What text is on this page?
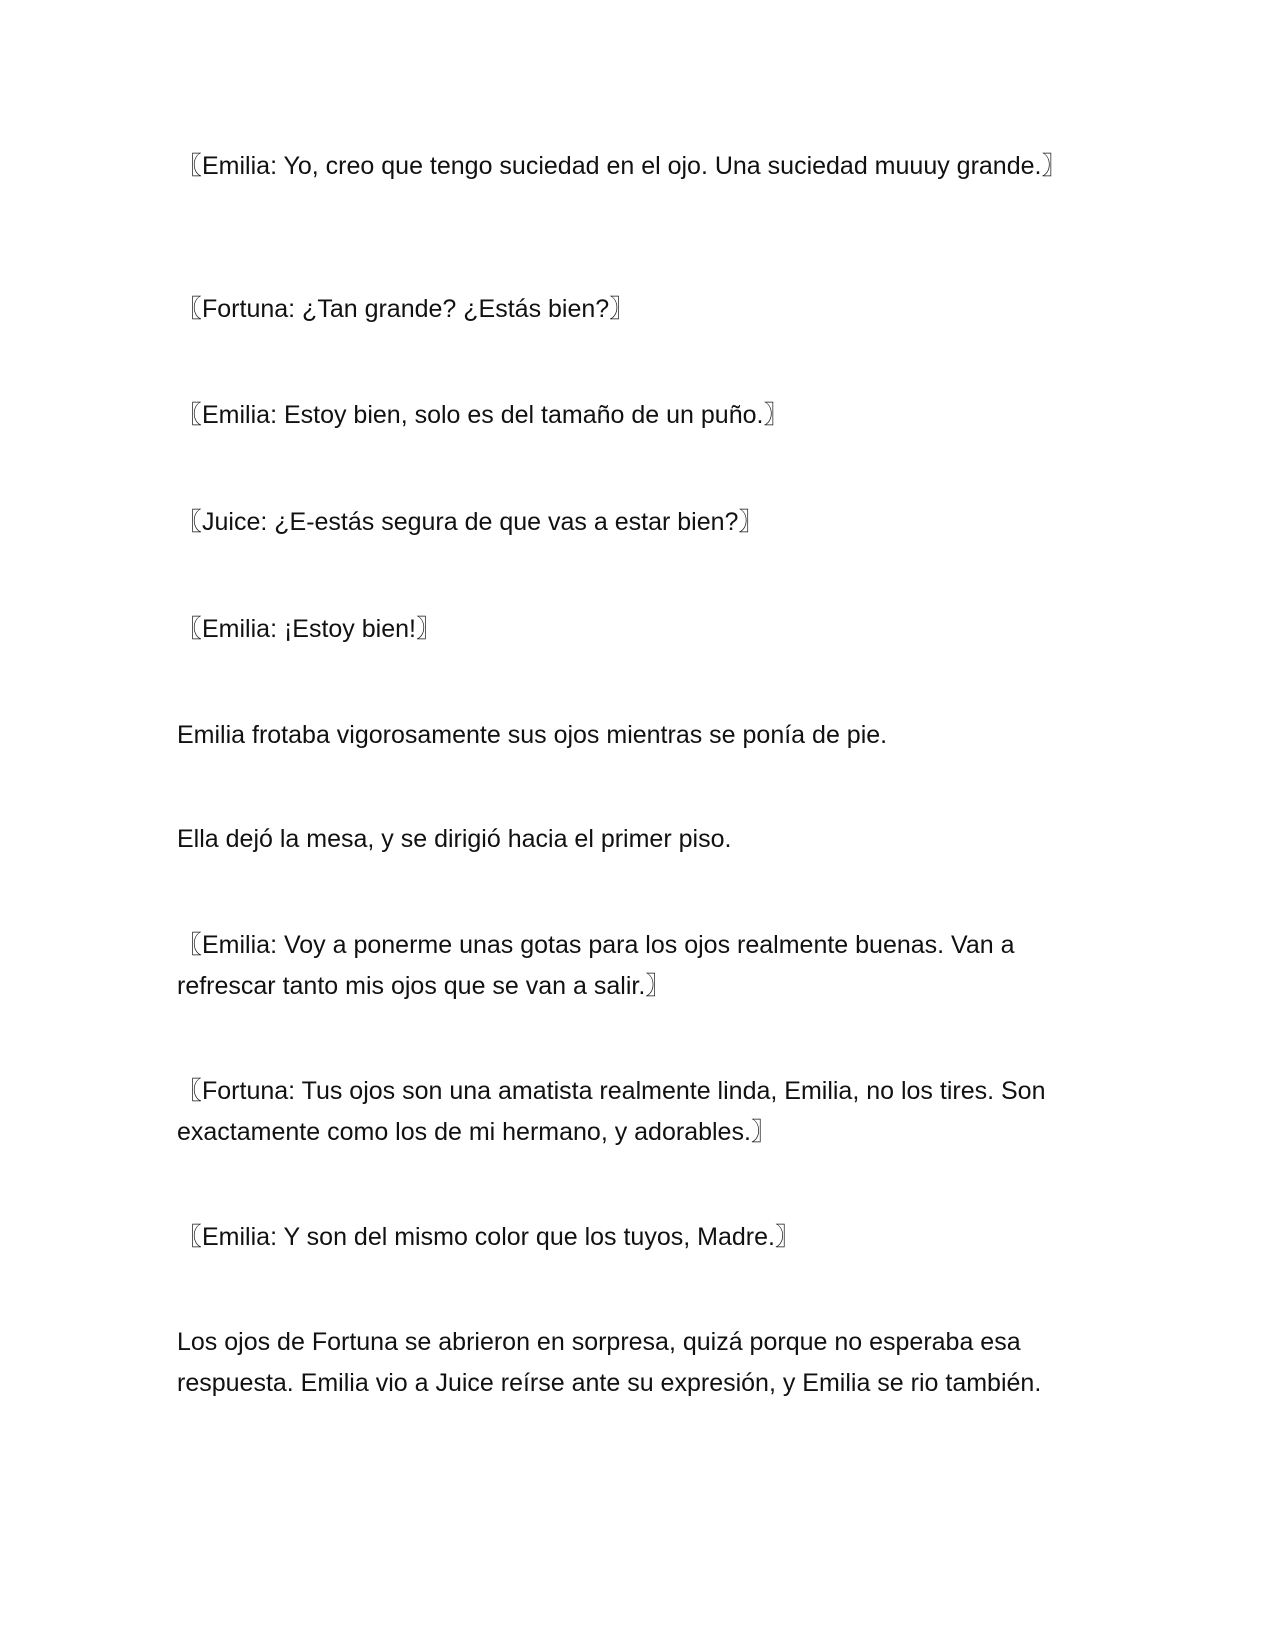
〖Emilia: Yo, creo que tengo suciedad en el ojo. Una suciedad muuuy grande.〗

〖Fortuna: ¿Tan grande? ¿Estás bien?〗

〖Emilia: Estoy bien, solo es del tamaño de un puño.〗

〖Juice: ¿E-estás segura de que vas a estar bien?〗

〖Emilia: ¡Estoy bien!〗

Emilia frotaba vigorosamente sus ojos mientras se ponía de pie.

Ella dejó la mesa, y se dirigió hacia el primer piso.

〖Emilia: Voy a ponerme unas gotas para los ojos realmente buenas. Van a refrescar tanto mis ojos que se van a salir.〗

〖Fortuna: Tus ojos son una amatista realmente linda, Emilia, no los tires. Son exactamente como los de mi hermano, y adorables.〗

〖Emilia: Y son del mismo color que los tuyos, Madre.〗

Los ojos de Fortuna se abrieron en sorpresa, quizá porque no esperaba esa respuesta. Emilia vio a Juice reírse ante su expresión, y Emilia se rio también.
